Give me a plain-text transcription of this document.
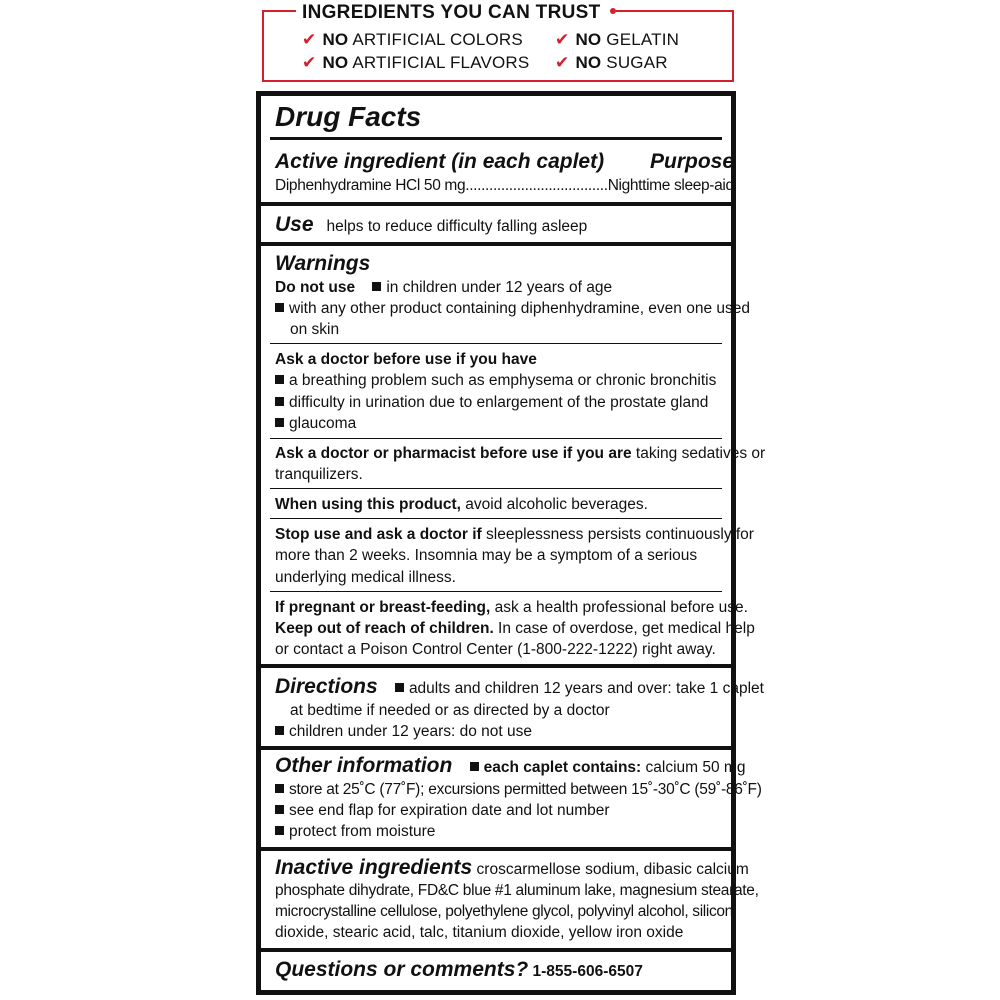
INGREDIENTS YOU CAN TRUST
✔ NO ARTIFICIAL COLORS ✔ NO GELATIN
✔ NO ARTIFICIAL FLAVORS ✔ NO SUGAR
Drug Facts
Active ingredient (in each caplet) Purpose
Diphenhydramine HCl 50 mg....................................Nighttime sleep-aid
Use helps to reduce difficulty falling asleep
Warnings
Do not use in children under 12 years of age
with any other product containing diphenhydramine, even one used
on skin
Ask a doctor before use if you have
a breathing problem such as emphysema or chronic bronchitis
difficulty in urination due to enlargement of the prostate gland
glaucoma
Ask a doctor or pharmacist before use if you are taking sedatives or
tranquilizers.
When using this product, avoid alcoholic beverages.
Stop use and ask a doctor if sleeplessness persists continuously for
more than 2 weeks. Insomnia may be a symptom of a serious
underlying medical illness.
If pregnant or breast-feeding, ask a health professional before use.
Keep out of reach of children. In case of overdose, get medical help
or contact a Poison Control Center (1-800-222-1222) right away.
Directions adults and children 12 years and over: take 1 caplet
at bedtime if needed or as directed by a doctor
children under 12 years: do not use
Other information each caplet contains: calcium 50 mg
store at 25˚C (77˚F); excursions permitted between 15˚-30˚C (59˚-86˚F)
see end flap for expiration date and lot number
protect from moisture
Inactive ingredients croscarmellose sodium, dibasic calcium
phosphate dihydrate, FD&C blue #1 aluminum lake, magnesium stearate,
microcrystalline cellulose, polyethylene glycol, polyvinyl alcohol, silicon
dioxide, stearic acid, talc, titanium dioxide, yellow iron oxide
Questions or comments? 1-855-606-6507
